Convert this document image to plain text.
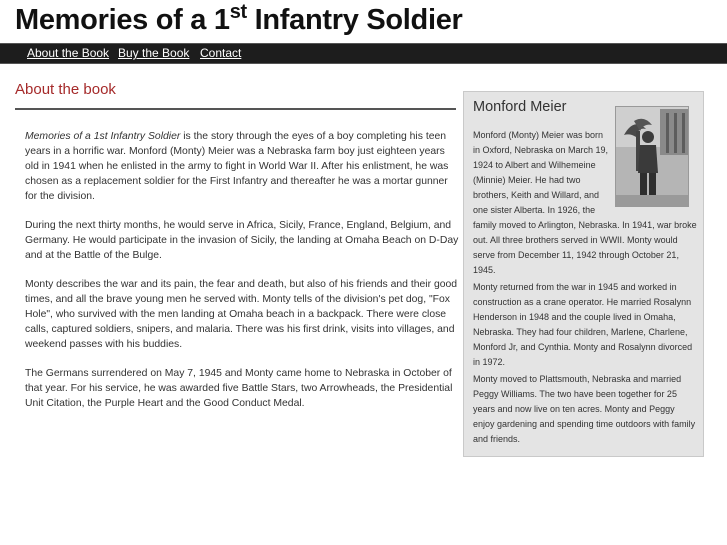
Memories of a 1st Infantry Soldier
About the Book Buy the Book Contact
About the book

Memories of a 1st Infantry Soldier is the story through the eyes of a boy completing his teen years in a horrific war. Monford (Monty) Meier was a Nebraska farm boy just eighteen years old in 1941 when he enlisted in the army to fight in World War II. After his enlistment, he was chosen as a replacement soldier for the First Infantry and thereafter he was a mortar gunner for the division.

During the next thirty months, he would serve in Africa, Sicily, France, England, Belgium, and Germany. He would participate in the invasion of Sicily, the landing at Omaha Beach on D-Day and at the Battle of the Bulge.

Monty describes the war and its pain, the fear and death, but also of his friends and their good times, and all the brave young men he served with. Monty tells of the division's pet dog, "Fox Hole", who survived with the men landing at Omaha beach in a backpack. There were close calls, captured soldiers, snipers, and malaria. There was his first drink, visits into villages, and weekend passes with his buddies.

The Germans surrendered on May 7, 1945 and Monty came home to Nebraska in October of that year. For his service, he was awarded five Battle Stars, two Arrowheads, the Presidential Unit Citation, the Purple Heart and the Good Conduct Medal.

Monford Meier

Monford (Monty) Meier was born in Oxford, Nebraska on March 19, 1924 to Albert and Wilhemeine (Minnie) Meier. He had two brothers, Keith and Willard, and one sister Alberta. In 1926, the family moved to Arlington, Nebraska. In 1941, war broke out. All three brothers served in WWII. Monty would serve from December 11, 1942 through October 21, 1945.

Monty returned from the war in 1945 and worked in construction as a crane operator. He married Rosalynn Henderson in 1948 and the couple lived in Omaha, Nebraska. They had four children, Marlene, Charlene, Monford Jr, and Cynthia. Monty and Rosalynn divorced in 1972.

Monty moved to Plattsmouth, Nebraska and married Peggy Williams. The two have been together for 25 years and now live on ten acres. Monty and Peggy enjoy gardening and spending time outdoors with family and friends.
